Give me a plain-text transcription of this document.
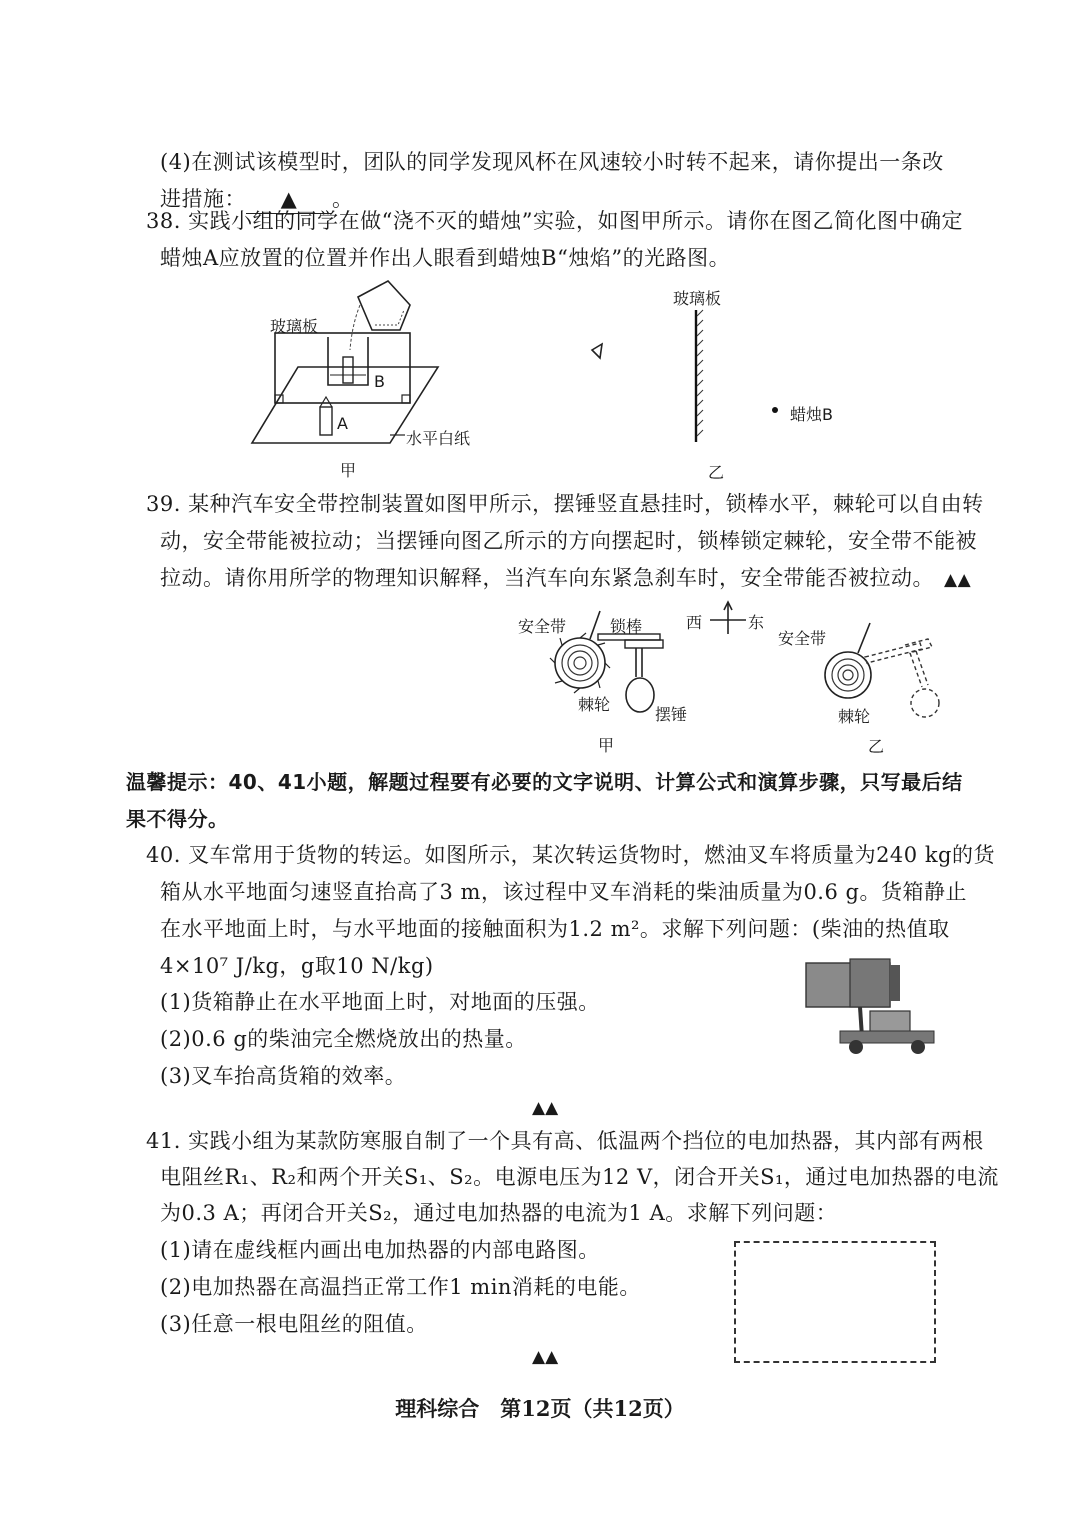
(4)在测试该模型时，团队的同学发现风杯在风速较小时转不起来，请你提出一条改
进措施： ▲ 。
38. 实践小组的同学在做“浇不灭的蜡烛”实验，如图甲所示。请你在图乙简化图中确定
蜡烛A应放置的位置并作出人眼看到蜡烛B“烛焰”的光路图。
玻璃板
B
A
水平白纸
甲
玻璃板
蜡烛B
乙
39. 某种汽车安全带控制装置如图甲所示，摆锤竖直悬挂时，锁棒水平，棘轮可以自由转
动，安全带能被拉动；当摆锤向图乙所示的方向摆起时，锁棒锁定棘轮，安全带不能被
拉动。请你用所学的物理知识解释，当汽车向东紧急刹车时，安全带能否被拉动。 ▲▲
安全带	锁棒
棘轮
摆锤
甲
西	东
安全带
棘轮
乙
温馨提示：40、41小题，解题过程要有必要的文字说明、计算公式和演算步骤，只写最后结
果不得分。
40. 叉车常用于货物的转运。如图所示，某次转运货物时，燃油叉车将质量为240 kg的货
箱从水平地面匀速竖直抬高了3 m，该过程中叉车消耗的柴油质量为0.6 g。货箱静止
在水平地面上时，与水平地面的接触面积为1.2 m²。求解下列问题：(柴油的热值取
4×10⁷ J/kg，g取10 N/kg)
(1)货箱静止在水平地面上时，对地面的压强。
(2)0.6 g的柴油完全燃烧放出的热量。
(3)叉车抬高货箱的效率。
▲▲
41. 实践小组为某款防寒服自制了一个具有高、低温两个挡位的电加热器，其内部有两根
电阻丝R₁、R₂和两个开关S₁、S₂。电源电压为12 V，闭合开关S₁，通过电加热器的电流
为0.3 A；再闭合开关S₂，通过电加热器的电流为1 A。求解下列问题：
(1)请在虚线框内画出电加热器的内部电路图。
(2)电加热器在高温挡正常工作1 min消耗的电能。
(3)任意一根电阻丝的阻值。
▲▲
理科综合　第12页（共12页）
